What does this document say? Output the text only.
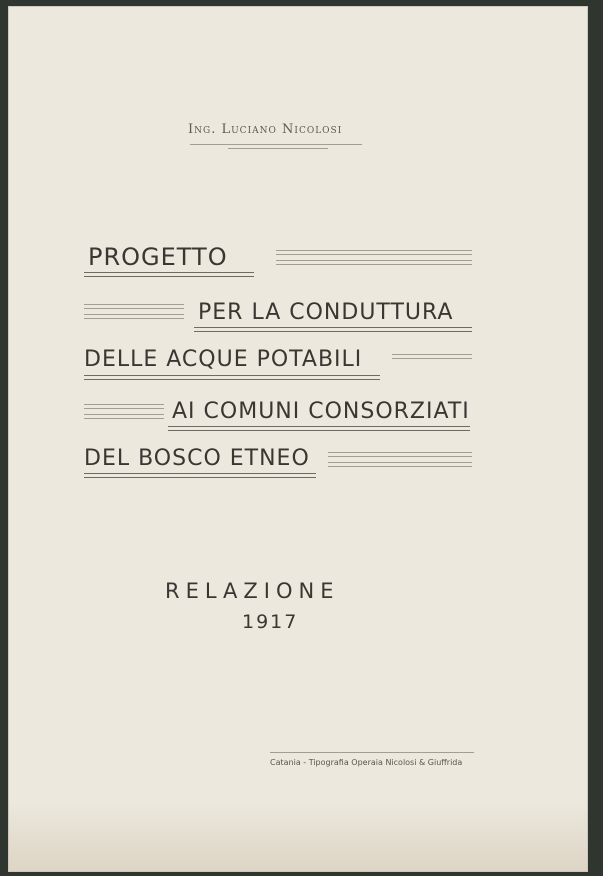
Ing. Luciano Nicolosi
PROGETTO
PER LA CONDUTTURA
DELLE ACQUE POTABILI
AI COMUNI CONSORZIATI
DEL BOSCO ETNEO
RELAZIONE
1917
Catania - Tipografia Operaia Nicolosi & Giuffrida
